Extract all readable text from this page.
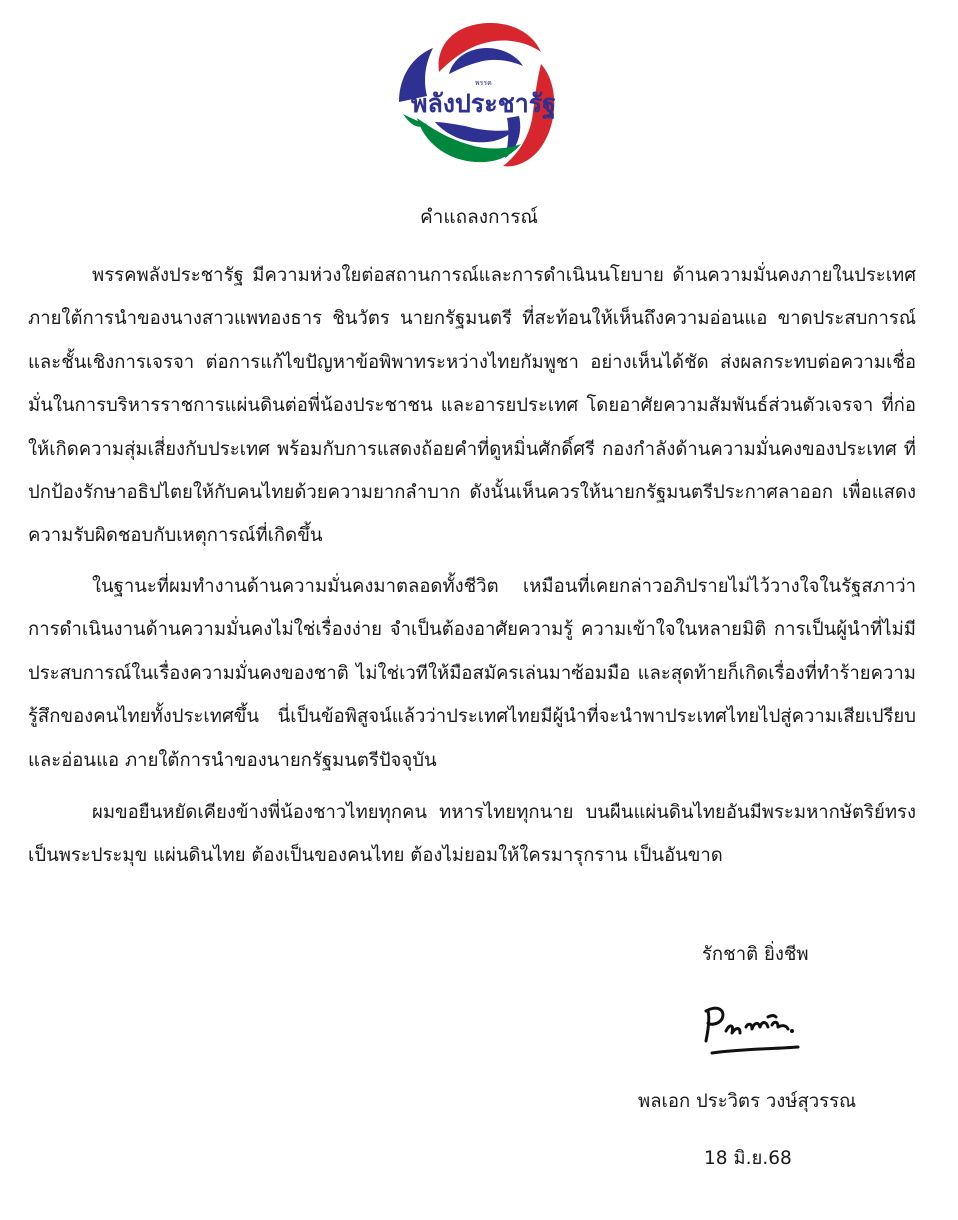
พลังประชารัฐ
พรรค
คำแถลงการณ์

พรรคพลังประชารัฐ มีความห่วงใยต่อสถานการณ์และการดำเนินนโยบาย ด้านความมั่นคงภายในประเทศ ภายใต้การนำของนางสาวแพทองธาร ชินวัตร นายกรัฐมนตรี ที่สะท้อนให้เห็นถึงความอ่อนแอ ขาดประสบการณ์และชั้นเชิงการเจรจา ต่อการแก้ไขปัญหาข้อพิพาทระหว่างไทยกัมพูชา อย่างเห็นได้ชัด ส่งผลกระทบต่อความเชื่อมั่นในการบริหารราชการแผ่นดินต่อพี่น้องประชาชน และอารยประเทศ โดยอาศัยความสัมพันธ์ส่วนตัวเจรจา ที่ก่อให้เกิดความสุ่มเสี่ยงกับประเทศ พร้อมกับการแสดงถ้อยคำที่ดูหมิ่นศักดิ์ศรี กองกำลังด้านความมั่นคงของประเทศ ที่ปกป้องรักษาอธิปไตยให้กับคนไทยด้วยความยากลำบาก ดังนั้นเห็นควรให้นายกรัฐมนตรีประกาศลาออก เพื่อแสดงความรับผิดชอบกับเหตุการณ์ที่เกิดขึ้น

ในฐานะที่ผมทำงานด้านความมั่นคงมาตลอดทั้งชีวิต เหมือนที่เคยกล่าวอภิปรายไม่ไว้วางใจในรัฐสภาว่า การดำเนินงานด้านความมั่นคงไม่ใช่เรื่องง่าย จำเป็นต้องอาศัยความรู้ ความเข้าใจในหลายมิติ การเป็นผู้นำที่ไม่มีประสบการณ์ในเรื่องความมั่นคงของชาติ ไม่ใช่เวทีให้มือสมัครเล่นมาซ้อมมือ และสุดท้ายก็เกิดเรื่องที่ทำร้ายความรู้สึกของคนไทยทั้งประเทศขึ้น นี่เป็นข้อพิสูจน์แล้วว่าประเทศไทยมีผู้นำที่จะนำพาประเทศไทยไปสู่ความเสียเปรียบ และอ่อนแอ ภายใต้การนำของนายกรัฐมนตรีปัจจุบัน

ผมขอยืนหยัดเคียงข้างพี่น้องชาวไทยทุกคน ทหารไทยทุกนาย บนผืนแผ่นดินไทยอันมีพระมหากษัตริย์ทรงเป็นพระประมุข แผ่นดินไทย ต้องเป็นของคนไทย ต้องไม่ยอมให้ใครมารุกราน เป็นอันขาด

รักชาติ ยิ่งชีพ

พลเอก ประวิตร วงษ์สุวรรณ

18 มิ.ย.68
